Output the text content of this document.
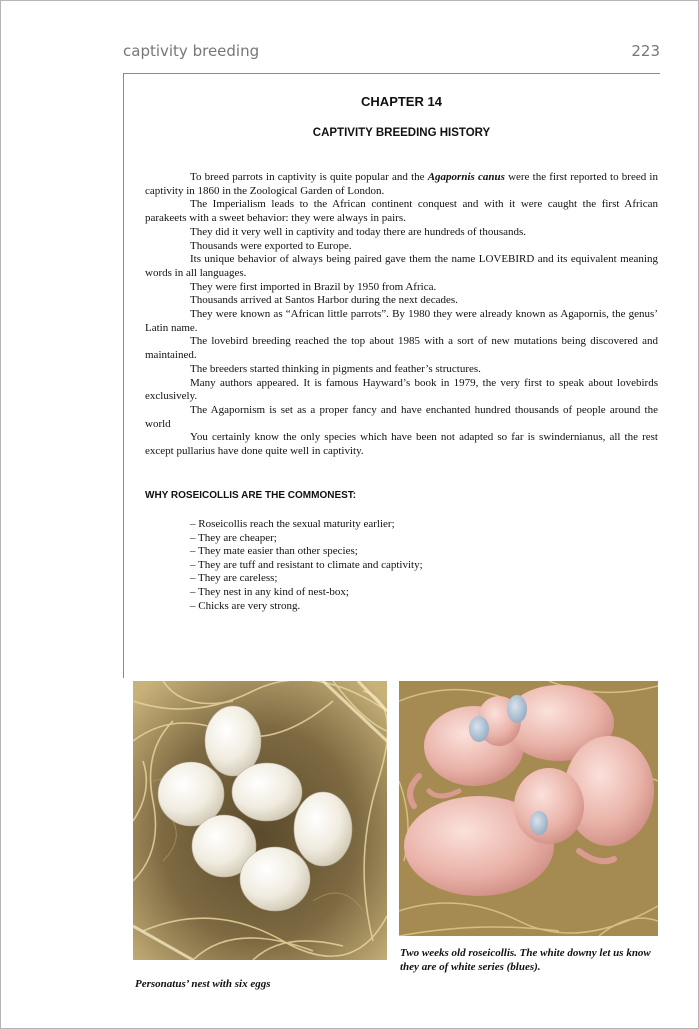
captivity breeding	223
CHAPTER 14
CAPTIVITY BREEDING HISTORY

To breed parrots in captivity is quite popular and the Agapornis canus were the first reported to breed in captivity in 1860 in the Zoological Garden of London.

The Imperialism leads to the African continent conquest and with it were caught the first African parakeets with a sweet behavior: they were always in pairs.

They did it very well in captivity and today there are hundreds of thousands.

Thousands were exported to Europe.

Its unique behavior of always being paired gave them the name LOVEBIRD and its equivalent meaning words in all languages.

They were first imported in Brazil by 1950 from Africa.

Thousands arrived at Santos Harbor during the next decades.

They were known as “African little parrots”. By 1980 they were already known as Agapornis, the genus’ Latin name.

The lovebird breeding reached the top about 1985 with a sort of new mutations being discovered and maintained.

The breeders started thinking in pigments and feather’s structures.

Many authors appeared. It is famous Hayward’s book in 1979, the very first to speak about lovebirds exclusively.

The Agapornism is set as a proper fancy and have enchanted hundred thousands of people around the world

You certainly know the only species which have been not adapted so far is swindernianus, all the rest except pullarius have done quite well in captivity.

WHY ROSEICOLLIS ARE THE COMMONEST:
– Roseicollis reach the sexual maturity earlier;
– They are cheaper;
– They mate easier than other species;
– They are tuff and resistant to climate and captivity;
– They are careless;
– They nest in any kind of nest-box;
– Chicks are very strong.
Two weeks old roseicollis. The white downy let us know they are of white series (blues).
Personatus’ nest with six eggs
